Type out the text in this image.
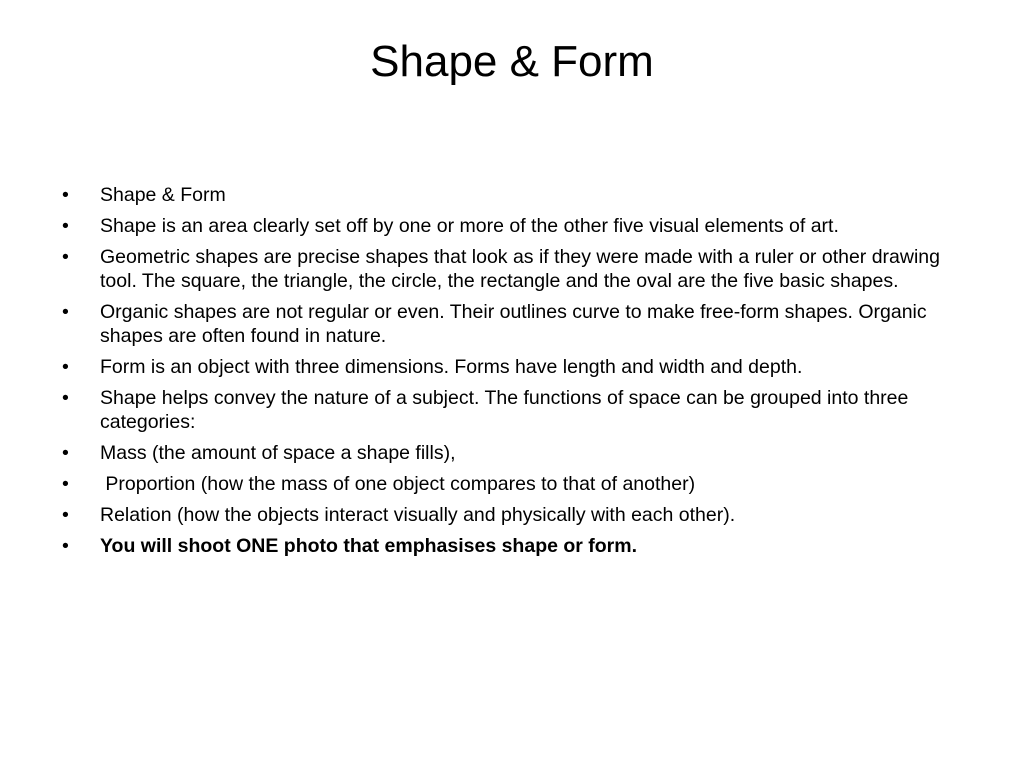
Shape & Form
•	Shape & Form
•	Shape is an area clearly set off by one or more of the other five visual elements of art.
•	Geometric shapes are precise shapes that look as if they were made with a ruler or other drawing tool. The square, the triangle, the circle, the rectangle and the oval are the five basic shapes.
•	Organic shapes are not regular or even. Their outlines curve to make free-form shapes. Organic shapes are often found in nature.
•	Form is an object with three dimensions. Forms have length and width and depth.
•	Shape helps convey the nature of a subject. The functions of space can be grouped into three categories:
•	Mass (the amount of space a shape fills),
•	Proportion (how the mass of one object compares to that of another)
•	Relation (how the objects interact visually and physically with each other).
•	You will shoot ONE photo that emphasises shape or form.
